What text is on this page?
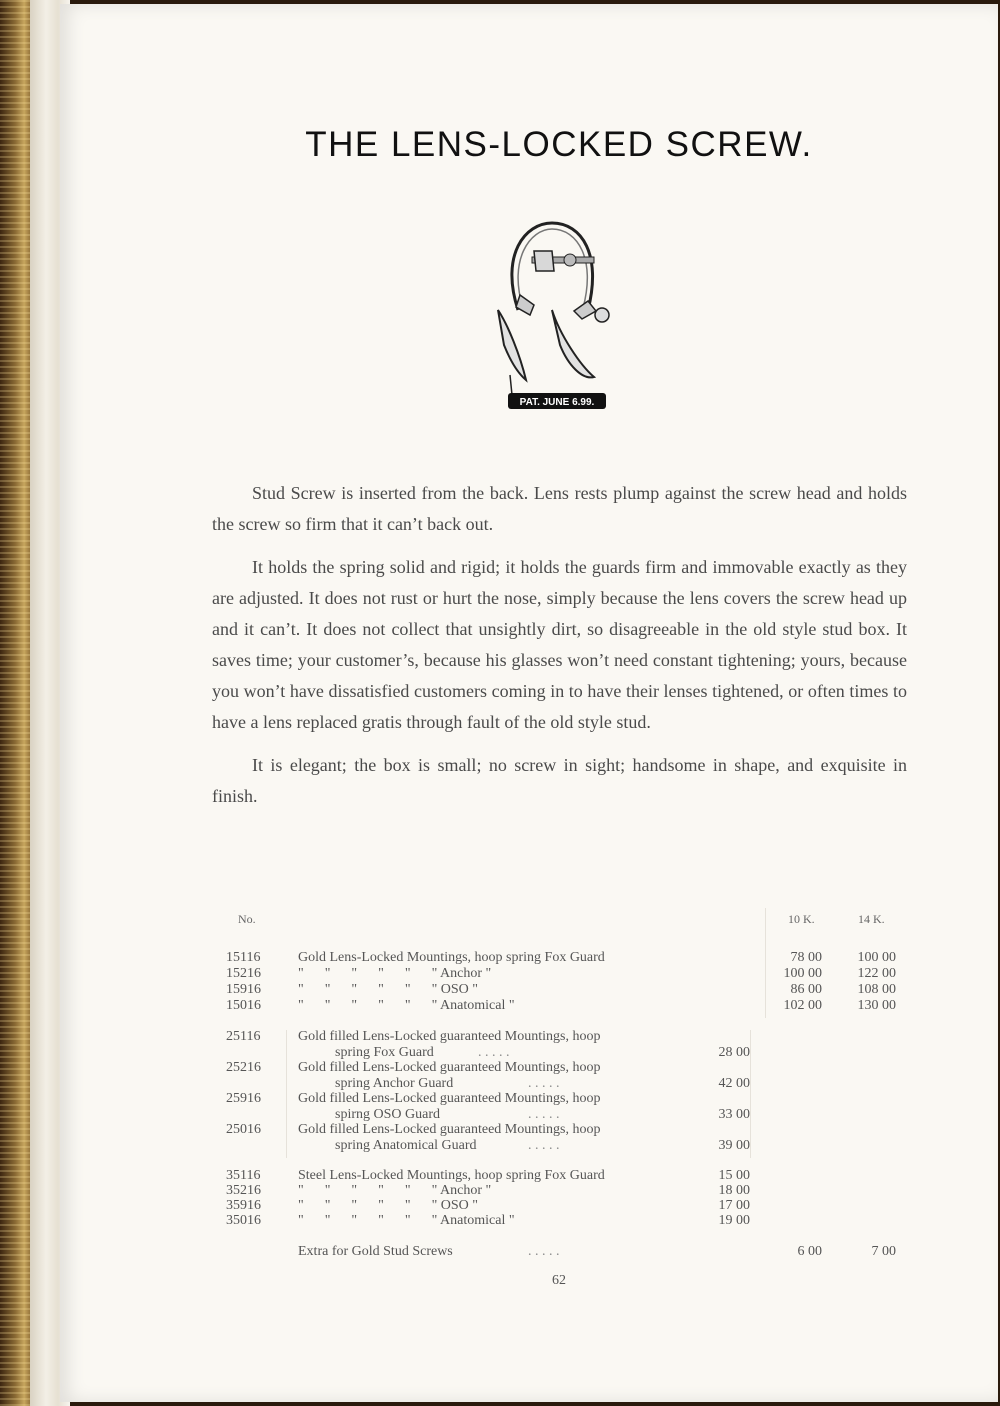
THE LENS-LOCKED SCREW.
PAT. JUNE 6.99.

Stud Screw is inserted from the back. Lens rests plump against the screw head and holds the screw so firm that it can’t back out.

It holds the spring solid and rigid; it holds the guards firm and immovable exactly as they are adjusted. It does not rust or hurt the nose, simply because the lens covers the screw head up and it can’t. It does not collect that unsightly dirt, so disagreeable in the old style stud box. It saves time; your customer’s, because his glasses won’t need constant tightening; yours, because you won’t have dissatisfied customers coming in to have their lenses tightened, or often times to have a lens replaced gratis through fault of the old style stud.

It is elegant; the box is small; no screw in sight; handsome in shape, and exquisite in finish.

No.	10 K.	14 K.
15116	Gold Lens-Locked Mountings, hoop spring Fox Guard	78 00	100 00
15216	"      "      "      "      "      " Anchor "	100 00	122 00
15916	"      "      "      "      "      " OSO "	86 00	108 00
15016	"      "      "      "      "      " Anatomical "	102 00	130 00
25116	Gold filled Lens-Locked guaranteed Mountings, hoop
spring Fox Guard	. . . . .	28 00
25216	Gold filled Lens-Locked guaranteed Mountings, hoop
spring Anchor Guard	. . . . .	42 00
25916	Gold filled Lens-Locked guaranteed Mountings, hoop
spirng OSO Guard	. . . . .	33 00
25016	Gold filled Lens-Locked guaranteed Mountings, hoop
spring Anatomical Guard	. . . . .	39 00
35116	Steel Lens-Locked Mountings, hoop spring Fox Guard	15 00
35216	"      "      "      "      "      " Anchor "	18 00
35916	"      "      "      "      "      " OSO "	17 00
35016	"      "      "      "      "      " Anatomical "	19 00
Extra for Gold Stud Screws	. . . . .	6 00	7 00
62
